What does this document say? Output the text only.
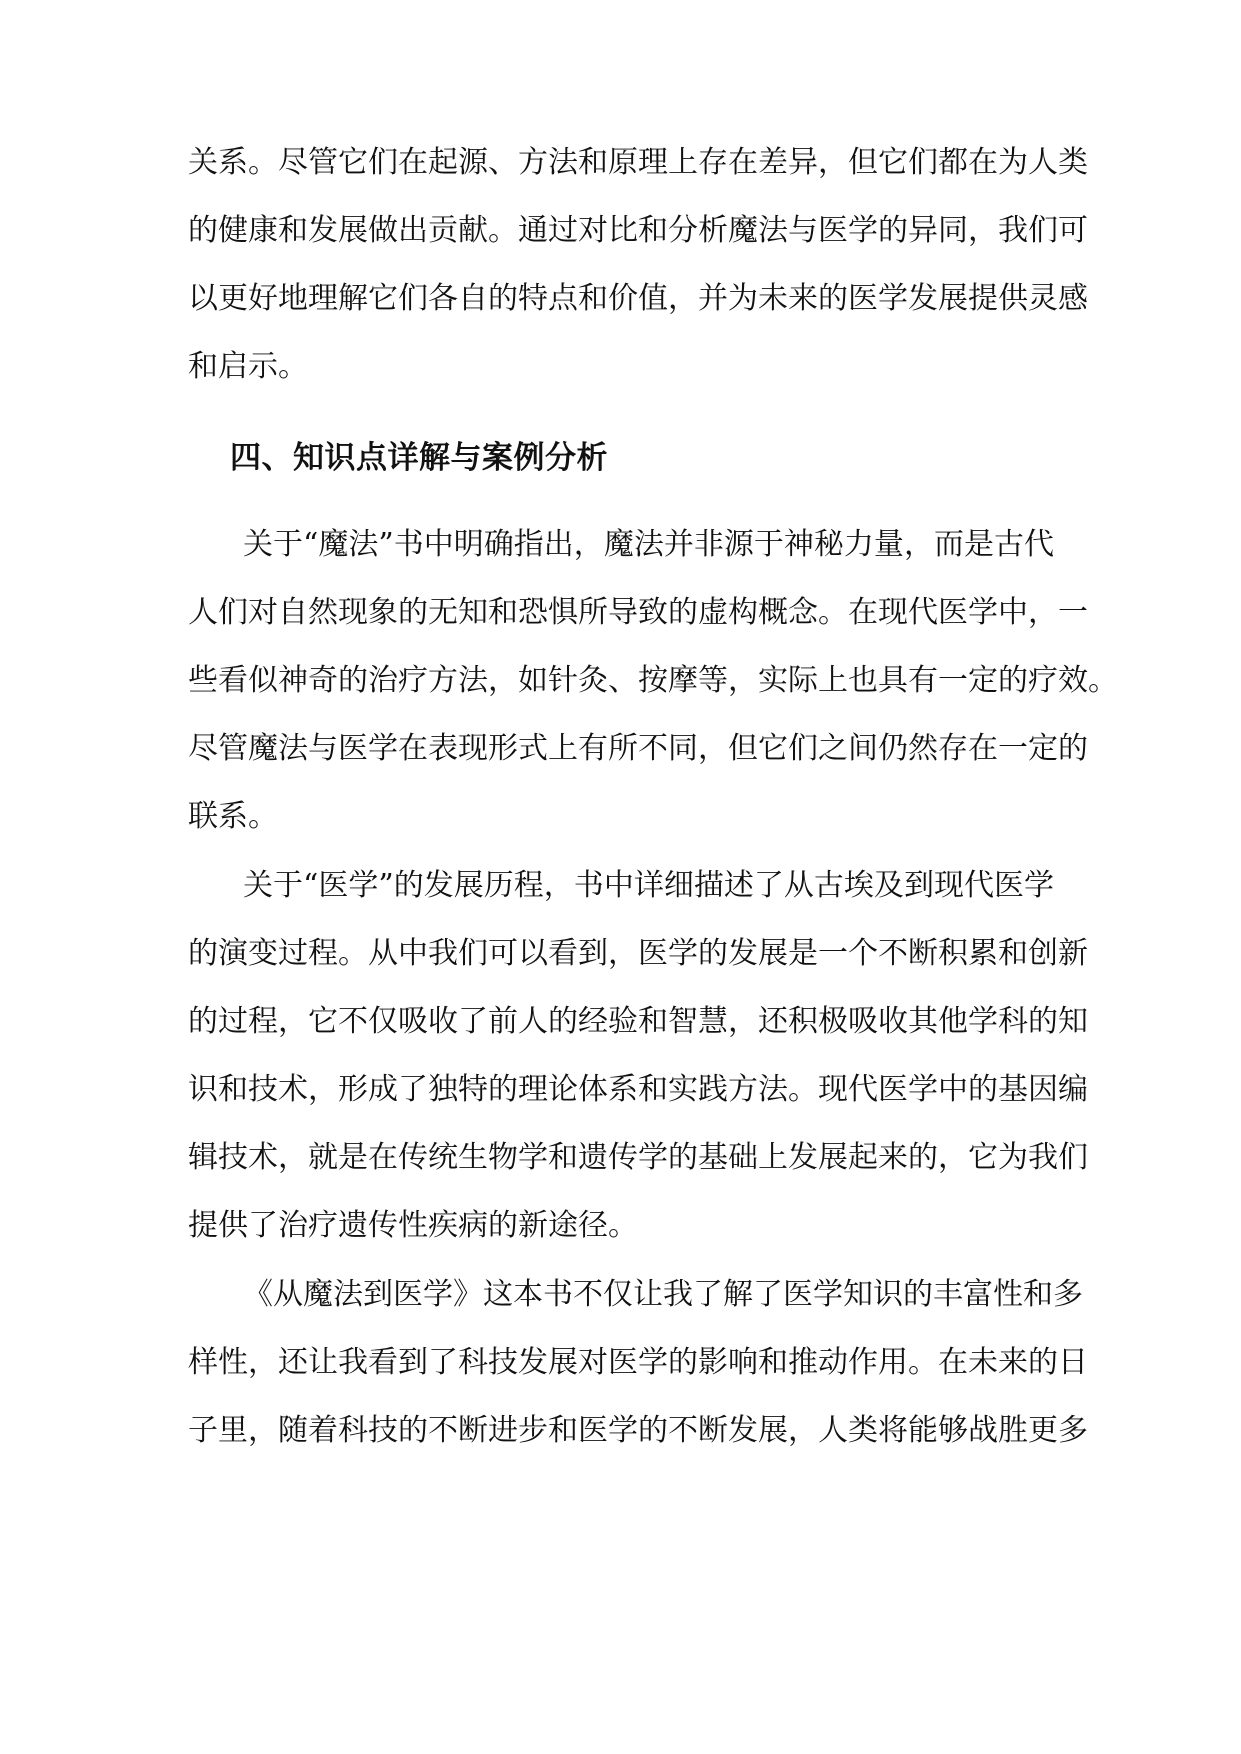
关系。尽管它们在起源、方法和原理上存在差异，但它们都在为人类
的健康和发展做出贡献。通过对比和分析魔法与医学的异同，我们可
以更好地理解它们各自的特点和价值，并为未来的医学发展提供灵感
和启示。
四、知识点详解与案例分析
关于“魔法”书中明确指出，魔法并非源于神秘力量，而是古代
人们对自然现象的无知和恐惧所导致的虚构概念。在现代医学中，一
些看似神奇的治疗方法，如针灸、按摩等，实际上也具有一定的疗效。
尽管魔法与医学在表现形式上有所不同，但它们之间仍然存在一定的
联系。
关于“医学”的发展历程，书中详细描述了从古埃及到现代医学
的演变过程。从中我们可以看到，医学的发展是一个不断积累和创新
的过程，它不仅吸收了前人的经验和智慧，还积极吸收其他学科的知
识和技术，形成了独特的理论体系和实践方法。现代医学中的基因编
辑技术，就是在传统生物学和遗传学的基础上发展起来的，它为我们
提供了治疗遗传性疾病的新途径。
《从魔法到医学》这本书不仅让我了解了医学知识的丰富性和多
样性，还让我看到了科技发展对医学的影响和推动作用。在未来的日
子里，随着科技的不断进步和医学的不断发展，人类将能够战胜更多
